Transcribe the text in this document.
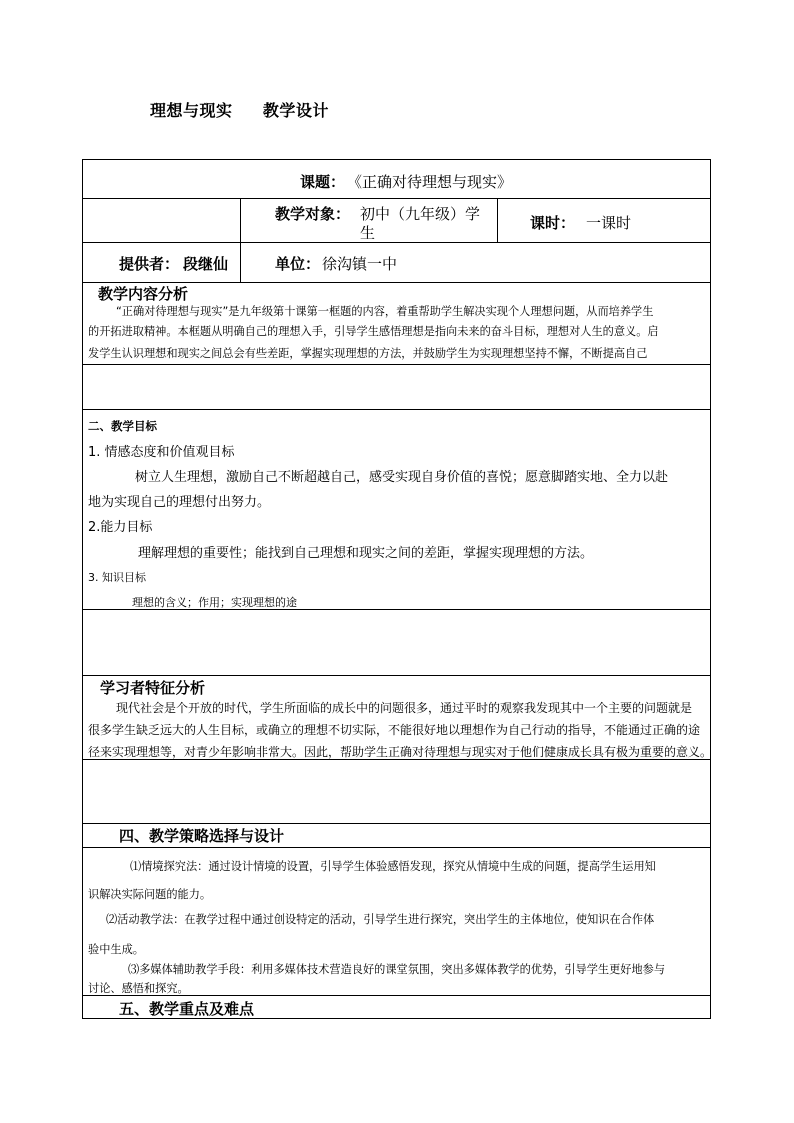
理想与现实     教学设计
课题： 《正确对待理想与现实》
教学对象： 初中（九年级）学
生
课时： 一课时
提供者： 段继仙	单位： 徐沟镇一中
教学内容分析
“正确对待理想与现实”是九年级第十课第一框题的内容，着重帮助学生解决实现个人理想问题，从而培养学生
的开拓进取精神。本框题从明确自己的理想入手，引导学生感悟理想是指向未来的奋斗目标，理想对人生的意义。启
发学生认识理想和现实之间总会有些差距，掌握实现理想的方法，并鼓励学生为实现理想坚持不懈，不断提高自己
二、教学目标
1. 情感态度和价值观目标
树立人生理想，激励自己不断超越自己，感受实现自身价值的喜悦；愿意脚踏实地、全力以赴
地为实现自己的理想付出努力。
2.能力目标
理解理想的重要性；能找到自己理想和现实之间的差距，掌握实现理想的方法。
3. 知识目标
理想的含义；作用；实现理想的途
学习者特征分析
现代社会是个开放的时代，学生所面临的成长中的问题很多，通过平时的观察我发现其中一个主要的问题就是
很多学生缺乏远大的人生目标，或确立的理想不切实际，不能很好地以理想作为自己行动的指导，不能通过正确的途
径来实现理想等，对青少年影响非常大。因此，帮助学生正确对待理想与现实对于他们健康成长具有极为重要的意义。
四、教学策略选择与设计
⑴情境探究法：通过设计情境的设置，引导学生体验感悟发现，探究从情境中生成的问题，提高学生运用知
识解决实际问题的能力。
⑵活动教学法：在教学过程中通过创设特定的活动，引导学生进行探究，突出学生的主体地位，使知识在合作体
验中生成。
⑶多媒体辅助教学手段：利用多媒体技术营造良好的课堂氛围，突出多媒体教学的优势，引导学生更好地参与
讨论、感悟和探究。
五、教学重点及难点
